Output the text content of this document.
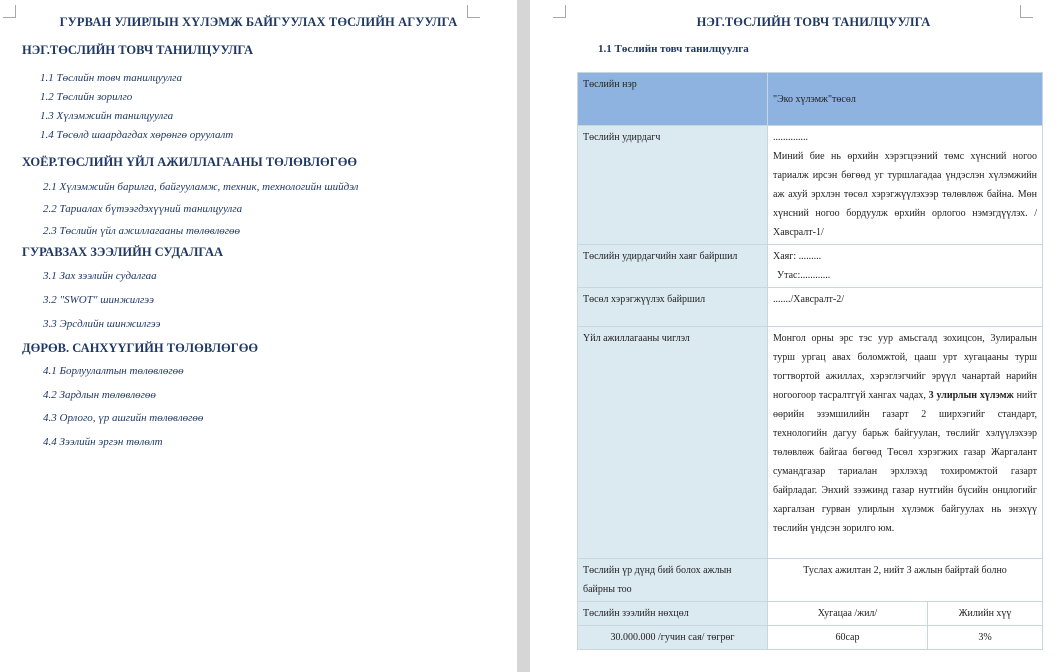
ГУРВАН УЛИРЛЫН ХҮЛЭМЖ БАЙГУУЛАХ ТӨСЛИЙН АГУУЛГА
НЭГ.ТӨСЛИЙН ТОВЧ ТАНИЛЦУУЛГА
1.1 Төслийн товч танилцуулга
1.2 Төслийн зорилго
1.3 Хүлэмжийн танилцуулга
1.4 Төсөлд шаардагдах хөрөнгө оруулалт
ХОЁР.ТӨСЛИЙН ҮЙЛ АЖИЛЛАГААНЫ ТӨЛӨВЛӨГӨӨ
2.1 Хүлэмжийн барилга, байгууламж, техник, технологийн шийдэл
2.2 Тариалах бүтээгдэхүүний танилцуулга
2.3 Төслийн үйл ажиллагааны төлөвлөгөө
ГУРАВЗАХ ЗЭЭЛИЙН СУДАЛГАА
3.1 Зах зээлийн судалгаа
3.2 "SWOT" шинжилгээ
3.3 Эрсдлийн шинжилгээ
ДӨРӨВ. САНХҮҮГИЙН ТӨЛӨВЛӨГӨӨ
4.1 Борлуулалтын төлөвлөгөө
4.2 Зардлын төлөвлөгөө
4.3 Орлого, үр ашгийн төлөвлөгөө
4.4 Зээлийн эргэн төлөлт
НЭГ.ТӨСЛИЙН ТОВЧ ТАНИЛЦУУЛГА
1.1 Төслийн товч танилцуулга
Төслийн нэр	"Эко хүлэмж"төсөл	
Төслийн удирдагч	..............
Миний бие нь өрхийн хэрэгцээний төмс хүнсний ногоо тариалж ирсэн бөгөөд уг туршлагадаа үндэслэн хүлэмжийн аж ахуй эрхлэн төсөл хэрэгжүүлэхээр төлөвлөж байна. Мөн хүнсний ногоо бордуулж өрхийн орлогоо нэмэгдүүлэх. /Хавсралт-1/	

Төслийн удирдагчийн хаяг байршил	Хаяг: .........
Утас:............	

Төсөл хэрэгжүүлэх байршил	......./Хавсралт-2/	
Үйл ажиллагааны чиглэл	Монгол орны эрс тэс уур амьсгалд зохицсон, 3улиралын турш ургац авах боломжтой, цааш урт хугацааны турш тогтвортой ажиллах, хэрэглэгчийг эрүүл чанартай нарийн ногоогоор тасралтгүй хангах чадах, 3 улирлын хүлэмж нийт өөрийн эзэмшилийн газарт 2 ширхэгийг стандарт, технологийн дагуу барьж байгуулан, төслийг хэлүүлэхээр төлөвлөж байгаа бөгөөд Төсөл хэрэгжих газар Жаргалант сумандгазар тариалан эрхлэхэд тохиромжтой газарт байрладаг. Энхий зээжинд газар нутгийн бүсийн онцлогийг харгалзан гурван улирлын хүлэмж байгуулах нь энэхүү төслийн үндсэн зорилго юм.	
Төслийн үр дүнд бий болох ажлын байрны тоо	Туслах ажилтан 2, нийт 3 ажлын байртай болно	
Төслийн зээлийн нөхцөл	Хугацаа /жил/	Жилийн хүү
30.000.000 /гучин сая/ төгрөг	60сар	3%
